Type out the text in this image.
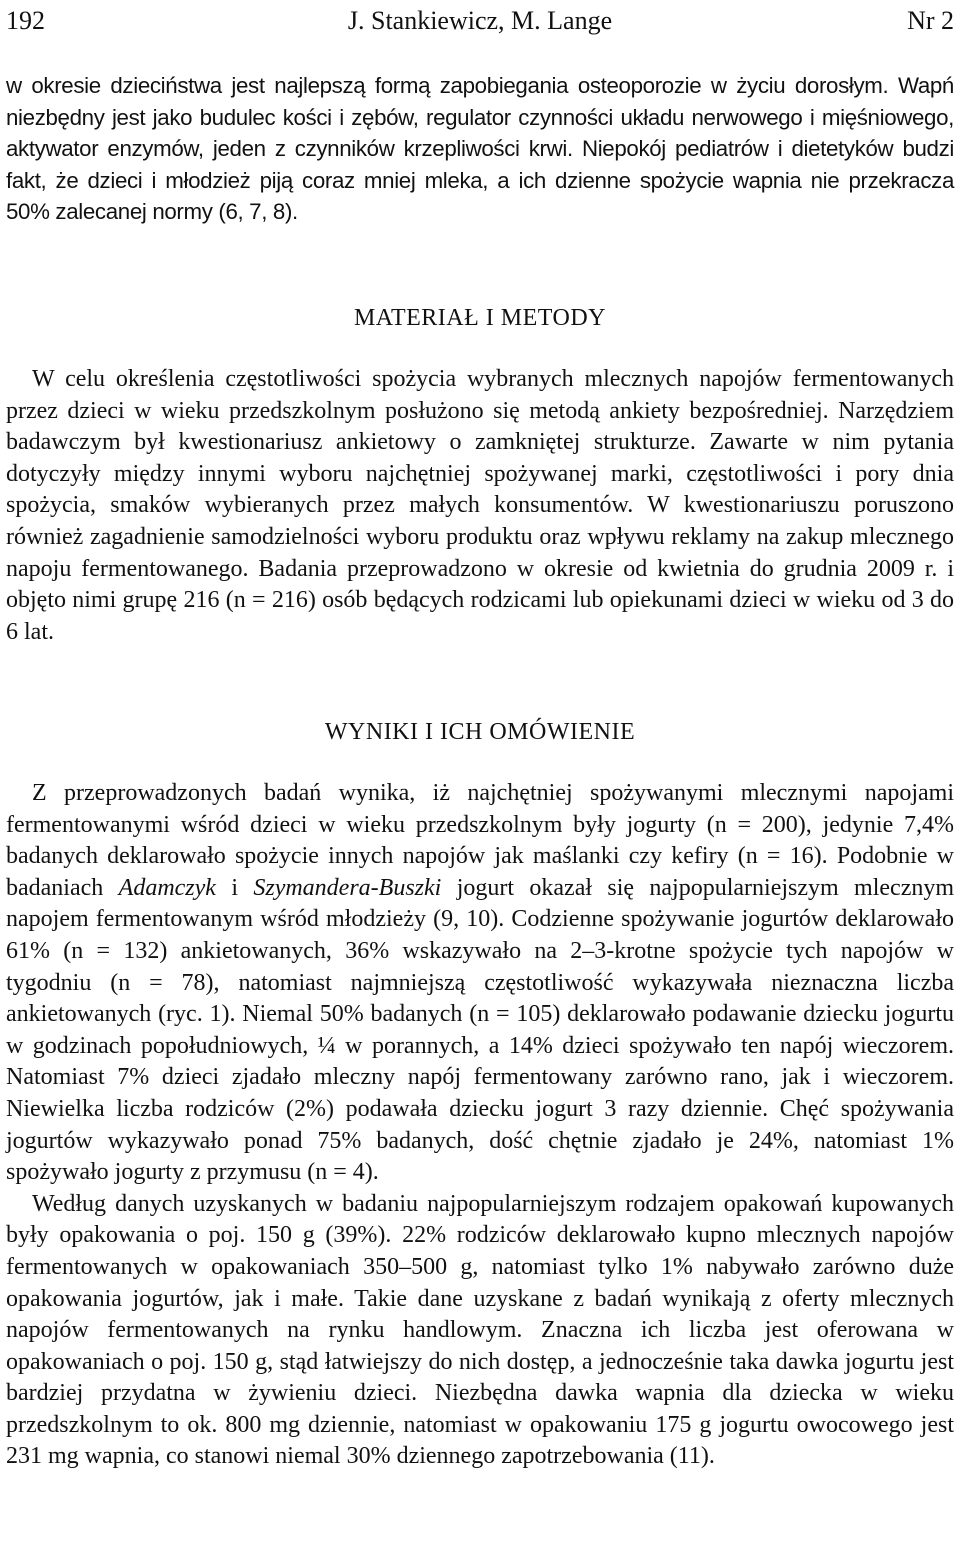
192	J. Stankiewicz, M. Lange	Nr 2

w okresie dzieciństwa jest najlepszą formą zapobiegania osteoporozie w życiu dorosłym. Wapń niezbędny jest jako budulec kości i zębów, regulator czynności układu nerwowego i mięśniowego, aktywator enzymów, jeden z czynników krzepliwości krwi. Niepokój pediatrów i dietetyków budzi fakt, że dzieci i młodzież piją coraz mniej mleka, a ich dzienne spożycie wapnia nie przekracza 50% zalecanej normy (6, 7, 8).

MATERIAŁ I METODY

W celu określenia częstotliwości spożycia wybranych mlecznych napojów fermentowanych przez dzieci w wieku przedszkolnym posłużono się metodą ankiety bezpośredniej. Narzędziem badawczym był kwestionariusz ankietowy o zamkniętej strukturze. Zawarte w nim pytania dotyczyły między innymi wyboru najchętniej spożywanej marki, częstotliwości i pory dnia spożycia, smaków wybieranych przez małych konsumentów. W kwestionariuszu poruszono również zagadnienie samodzielności wyboru produktu oraz wpływu reklamy na zakup mlecznego napoju fermentowanego. Badania przeprowadzono w okresie od kwietnia do grudnia 2009 r. i objęto nimi grupę 216 (n = 216) osób będących rodzicami lub opiekunami dzieci w wieku od 3 do 6 lat.

WYNIKI I ICH OMÓWIENIE

Z przeprowadzonych badań wynika, iż najchętniej spożywanymi mlecznymi napojami fermentowanymi wśród dzieci w wieku przedszkolnym były jogurty (n = 200), jedynie 7,4% badanych deklarowało spożycie innych napojów jak maślanki czy kefiry (n = 16). Podobnie w badaniach Adamczyk i Szymandera-Buszki jogurt okazał się najpopularniejszym mlecznym napojem fermentowanym wśród młodzieży (9, 10). Codzienne spożywanie jogurtów deklarowało 61% (n = 132) ankietowanych, 36% wskazywało na 2–3-krotne spożycie tych napojów w tygodniu (n = 78), natomiast najmniejszą częstotliwość wykazywała nieznaczna liczba ankietowanych (ryc. 1). Niemal 50% badanych (n = 105) deklarowało podawanie dziecku jogurtu w godzinach popołudniowych, ¼ w porannych, a 14% dzieci spożywało ten napój wieczorem. Natomiast 7% dzieci zjadało mleczny napój fermentowany zarówno rano, jak i wieczorem. Niewielka liczba rodziców (2%) podawała dziecku jogurt 3 razy dziennie. Chęć spożywania jogurtów wykazywało ponad 75% badanych, dość chętnie zjadało je 24%, natomiast 1% spożywało jogurty z przymusu (n = 4).

Według danych uzyskanych w badaniu najpopularniejszym rodzajem opakowań kupowanych były opakowania o poj. 150 g (39%). 22% rodziców deklarowało kupno mlecznych napojów fermentowanych w opakowaniach 350–500 g, natomiast tylko 1% nabywało zarówno duże opakowania jogurtów, jak i małe. Takie dane uzyskane z badań wynikają z oferty mlecznych napojów fermentowanych na rynku handlowym. Znaczna ich liczba jest oferowana w opakowaniach o poj. 150 g, stąd łatwiejszy do nich dostęp, a jednocześnie taka dawka jogurtu jest bardziej przydatna w żywieniu dzieci. Niezbędna dawka wapnia dla dziecka w wieku przedszkolnym to ok. 800 mg dziennie, natomiast w opakowaniu 175 g jogurtu owocowego jest 231 mg wapnia, co stanowi niemal 30% dziennego zapotrzebowania (11).
